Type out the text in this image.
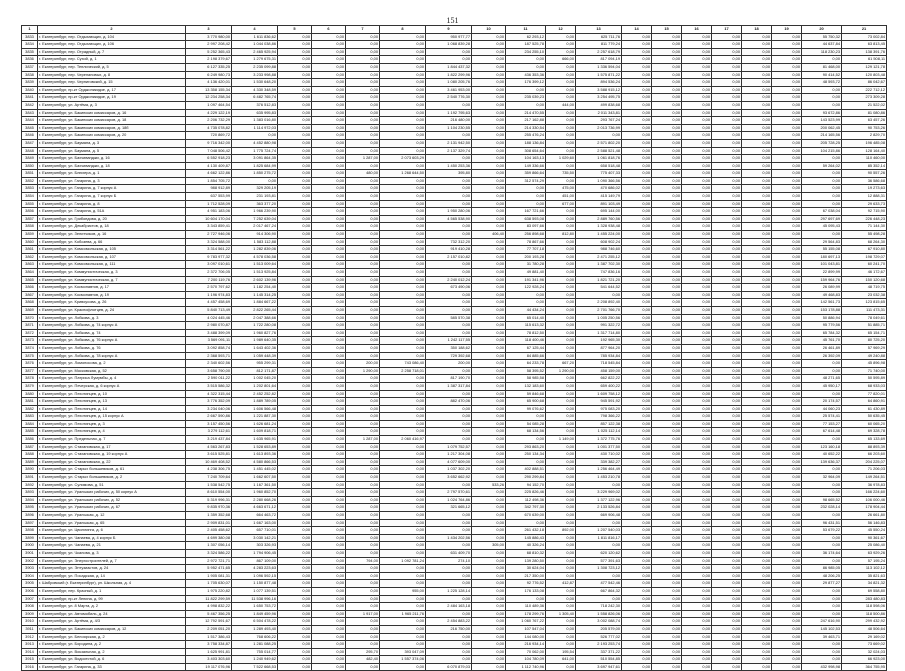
151
1	2	3	4	5	6	7	8	9	10	11	12	13	14	15	16	17	18	19	20	21
3833	г. Екатеринбург, пер. Отдыхающих, д. 104	3 770 980,00	1 611 836,62	0,00	0,00	0,00	0,00	950 977,77	0,00	62 293,12	0,00	625 711,76	0,00	0,00	0,00	0,00	0,00	0,00	55 750,32	73 002,84
3834	г. Екатеринбург, пер. Отдыхающих, д. 106	2 997 208,42	1 044 038,86	0,00	0,00	0,00	0,00	1 068 839,28	0,00	187 525,78	0,00	811 779,24	0,00	0,00	0,00	0,00	0,00	0,00	44 637,84	63 813,45
3835	г. Екатеринбург, пер. Отрадный, д. 7	5 252 365,43	2 465 925,94	0,00	0,00	0,00	0,00	0,00	0,00	234 255,10	0,00	2 257 618,79	0,00	0,00	0,00	0,00	0,00	0,00	118 230,23	138 391,76
3836	г. Екатеринбург, пер. Сухой, д. 1	2 198 379,67	1 279 675,31	0,00	0,00	0,00	0,00	0,00	0,00	0,00	666,00	817 094,19	0,00	0,00	0,00	0,00	0,00	0,00	0,00	61 508,11
3837	г. Екатеринбург, пер. Теплический, д. 5	6 127 335,25	2 235 099,88	0,00	0,00	0,00	0,00	1 844 437,32	0,00	0,00	0,00	1 336 594,04	0,00	0,00	0,00	0,00	0,00	0,00	81 468,00	129 121,78
3838	г. Екатеринбург, пер. Черепановых, д. 8	6 249 980,73	3 233 998,88	0,00	0,00	0,00	0,00	1 822 299,96	0,00	436 353,36	0,00	1 575 871,22	0,00	0,00	0,00	0,00	0,00	0,00	90 414,52	120 803,48
3839	г. Екатеринбург, пер. Черниговский, д. 15	4 136 420,01	1 530 648,20	0,00	0,00	0,00	0,00	1 080 205,76	0,00	176 399,12	0,00	894 536,24	0,00	0,00	0,00	0,00	0,00	0,00	48 593,72	86 042,67
3840	г. Екатеринбург, пр-кт Орджоникидзе, д. 17	13 358 155,34	4 330 348,59	0,00	0,00	0,00	0,00	3 461 953,00	0,00	0,00	0,00	3 588 915,12	0,00	0,00	0,00	0,00	0,00	0,00	0,00	222 712,12
3841	г. Екатеринбург, пр-кт Орджоникидзе, д. 19	12 234 258,34	6 482 765,74	0,00	0,00	0,00	0,00	2 540 776,30	0,00	235 039,23	0,00	3 254 495,75	0,00	0,00	0,00	0,00	0,00	0,00	0,00	273 309,28
3842	г. Екатеринбург, ул. Артёма, д. 3	1 097 464,54	376 512,83	0,00	0,00	0,00	0,00	0,00	0,00	0,00	444,00	499 838,68	0,00	0,00	0,00	0,00	0,00	0,00	0,00	21 522,02
3843	г. Екатеринбург, ул. Бакинских комиссаров, д. 16	4 229 122,19	635 995,83	0,00	0,00	0,00	0,00	1 192 795,63	0,00	214 470,55	0,00	2 011 343,81	0,00	0,00	0,00	0,00	0,00	0,00	93 672,86	81 080,86
3844	г. Екатеринбург, ул. Бакинских комиссаров, д. 18	2 206 732,29	1 383 016,80	0,00	0,00	0,00	0,00	216 480,00	0,00	217 162,88	0,00	293 767,24	0,00	0,00	0,00	0,00	0,00	0,00	143 523,99	63 457,26
3845	г. Екатеринбург, ул. Бакинских комиссаров, д. 18б	4 735 078,82	1 114 972,03	0,00	0,00	0,00	0,00	1 104 230,55	0,00	214 330,54	0,00	2 013 736,99	0,00	0,00	0,00	0,00	0,00	0,00	200 062,45	90 753,26
3846	г. Екатеринбург, ул. Бакинских комиссаров, д. 20	720 869,72	0,00	0,00	0,00	0,00	0,00	0,00	0,00	255 476,24	0,00	0,00	0,00	0,00	0,00	0,00	0,00	0,00	214 165,56	2 829,70
3847	г. Екатеринбург, ул. Бауманa, д. 3	9 716 342,00	4 452 880,98	0,00	0,00	0,00	0,00	2 131 942,50	0,00	188 136,84	0,00	2 571 802,20	0,00	0,00	0,00	0,00	0,00	0,00	205 728,25	196 485,08
3848	г. Екатеринбург, ул. Бауманa, д. 5	7 048 506,42	1 775 724,74	0,00	0,00	0,00	0,00	2 137 329,74	0,00	308 654,64	0,00	2 588 521,48	0,00	0,00	0,00	0,00	0,00	0,00	104 215,86	128 164,40
3849	г. Екатеринбург, ул. Бахчиванджи, д. 16	6 552 918,23	3 091 864,35	0,00	0,00	1 287,00	2 073 603,29	0,00	0,00	104 163,13	1 029,60	1 061 818,76	0,00	0,00	0,00	0,00	0,00	0,00	0,00	110 460,00
3850	г. Екатеринбург, ул. Бахчиванджи, д. 18	4 130 409,87	1 825 684,99	0,00	0,00	0,00	0,00	1 450 253,36	0,00	149 336,66	0,00	658 518,48	0,00	0,00	0,00	0,00	0,00	0,00	59 264,02	85 352,14
3851	г. Екатеринбург, ул. Блюхера, д. 1	4 662 122,86	1 850 275,72	0,00	0,00	480,00	1 268 644,50	395,80	0,00	359 866,64	735,50	775 407,33	0,00	0,00	0,00	0,00	0,00	0,00	0,00	90 557,26
3852	г. Екатеринбург, ул. Гагарина, д. 3	1 854 705,72	0,00	0,00	0,00	0,00	0,00	0,00	0,00	312 574,29	0,00	1 090 366,56	0,00	0,00	0,00	0,00	0,00	0,00	0,00	36 586,68
3853	г. Екатеринбург, ул. Гагарина, д. 7 корпус А	988 912,89	329 205,19	0,00	0,00	0,00	0,00	0,00	0,00	0,00	475,00	470 686,02	0,00	0,00	0,00	0,00	0,00	0,00	0,00	19 273,63
3854	г. Екатеринбург, ул. Гагарина, д. 7 корпус Б	637 553,99	231 193,81	0,00	0,00	0,00	0,00	0,00	0,00	0,00	451,00	415 149,79	0,00	0,00	0,00	0,00	0,00	0,00	0,00	12 888,31
3855	г. Екатеринбург, ул. Гагарина, д. 8	1 712 528,09	363 377,20	0,00	0,00	0,00	0,00	0,00	0,00	0,00	677,00	891 103,49	0,00	0,00	0,00	0,00	0,00	0,00	0,00	29 633,73
3856	г. Екатеринбург, ул. Гагарина, д. 51А	4 951 183,06	1 966 239,90	0,00	0,00	0,00	0,00	1 950 280,06	0,00	167 721,66	0,00	695 144,00	0,00	0,00	0,00	0,00	0,00	0,00	67 038,04	92 715,90
3857	г. Екатеринбург, ул. Грибоедова, д. 20	10 604 170,04	7 252 639,04	0,00	0,00	0,00	0,00	4 565 538,90	0,00	638 593,08	0,00	2 889 760,56	0,00	0,00	0,00	0,00	0,00	0,00	297 697,69	226 448,23
3858	г. Екатеринбург, ул. Декабристов, д. 18	3 343 859,41	2 017 467,24	0,00	0,00	0,00	0,00	0,00	0,00	83 097,66	0,00	1 328 938,48	0,00	0,00	0,00	0,00	0,00	0,00	45 095,43	71 144,30
3859	г. Екатеринбург, ул. Зенитчиков, д. 16	2 727 946,06	914 306,90	0,00	0,00	0,00	0,00	0,00	406,40	256 898,68	812,80	1 455 224,00	0,00	0,00	0,00	0,00	0,00	0,00	0,00	55 498,28
3860	г. Екатеринбург, ул. Кобозева, д. 66	3 324 588,00	1 583 112,88	0,00	0,00	0,00	0,00	732 312,20	0,00	78 867,66	0,00	608 902,24	0,00	0,00	0,00	0,00	0,00	0,00	29 564,83	68 264,30
3861	г. Екатеринбург, ул. Комсомольская, д. 105	3 314 561,22	1 282 839,06	0,00	0,00	0,00	0,00	919 410,28	0,00	77 707,18	0,00	988 746,60	0,00	0,00	0,00	0,00	0,00	0,00	55 155,08	67 910,80
3862	г. Екатеринбург, ул. Комсомольская, д. 107	9 783 977,32	4 578 036,58	0,00	0,00	0,00	0,00	2 157 010,82	0,00	200 193,28	0,00	2 471 255,12	0,00	0,00	0,00	0,00	0,00	0,00	180 697,13	198 729,07
3863	г. Екатеринбург, ул. Комсомольская, д. 111	3 097 010,61	1 513 009,64	0,00	0,00	0,00	0,00	0,00	0,00	31 780,28	0,00	1 387 702,30	0,00	0,00	0,00	0,00	0,00	0,00	101 043,81	60 241,70
3864	г. Екатеринбург, ул. Коммунистическая, д. 3	2 372 706,05	1 513 925,84	0,00	0,00	0,00	0,00	0,00	0,00	49 881,40	0,00	747 836,16	0,00	0,00	0,00	0,00	0,00	0,00	22 899,99	46 172,67
3865	г. Екатеринбург, ул. Коммунистическая, д. 7	7 200 119,76	2 602 139,96	0,00	0,00	0,00	0,00	2 240 012,24	0,00	191 341,96	0,00	1 821 721,20	0,00	0,00	0,00	0,00	0,00	0,00	159 964,76	150 120,68
3866	г. Екатеринбург, ул. Космонавтов, д. 17	2 570 797,62	1 182 254,40	0,00	0,00	0,00	0,00	673 490,06	0,00	122 928,24	0,00	541 644,52	0,00	0,00	0,00	0,00	0,00	0,00	26 089,99	48 719,75
3867	г. Екатеринбург, ул. Космонавтов, д. 19	1 196 974,83	1 145 314,25	0,00	0,00	0,00	0,00	0,00	0,00	0,00	0,00	0,00	0,00	0,00	0,00	0,00	0,00	0,00	49 468,83	23 032,38
3868	г. Екатеринбург, ул. Кривоусова, д. 26	4 457 458,69	1 884 667,22	0,00	0,00	0,00	0,00	0,00	0,00	0,00	0,00	2 208 892,40	0,00	0,00	0,00	0,00	0,00	0,00	142 561,73	123 815,65
3869	г. Екатеринбург, ул. Краснофлотцев, д. 24	5 840 713,49	2 822 265,44	0,00	0,00	0,00	0,00	0,00	0,00	44 434,24	0,00	2 701 766,70	0,00	0,00	0,00	0,00	0,00	0,00	153 178,88	111 473,31
3870	г. Екатеринбург, ул. Лобкова, д. 3	4 024 445,46	2 047 388,66	0,00	0,00	0,00	0,00	585 570,38	0,00	65 014,40	0,00	1 005 250,56	0,00	0,00	0,00	0,00	0,00	0,00	50 886,94	78 049,61
3871	г. Екатеринбург, ул. Лобкова, д. 74 корпус А	2 980 070,87	1 722 280,08	0,00	0,00	0,00	0,00	0,00	0,00	115 613,32	0,00	991 322,72	0,00	0,00	0,00	0,00	0,00	0,00	95 779,56	51 885,71
3872	г. Екатеринбург, ул. Лобкова, д. 74	3 488 399,09	1 960 827,76	0,00	0,00	0,00	0,00	0,00	0,00	78 812,50	0,00	1 317 714,80	0,00	0,00	0,00	0,00	0,00	0,00	65 784,32	65 154,71
3873	г. Екатеринбург, ул. Лобкова, д. 76 корпус А	3 569 091,11	1 989 640,35	0,00	0,00	0,00	0,00	1 242 117,55	0,00	118 400,46	0,00	192 965,30	0,00	0,00	0,00	0,00	0,00	0,00	45 761,70	80 725,20
3874	г. Екатеринбург, ул. Лобкова, д. 76	3 092 858,74	1 643 402,36	0,00	0,00	0,00	0,00	350 188,62	0,00	67 125,44	0,00	877 964,20	0,00	0,00	0,00	0,00	0,00	0,00	26 461,89	57 969,29
3875	г. Екатеринбург, ул. Лобкова, д. 78 корпус А	2 368 593,71	1 059 448,39	0,00	0,00	0,00	0,00	729 392,68	0,00	84 885,66	0,00	785 934,84	0,00	0,00	0,00	0,00	0,00	0,00	26 392,09	49 240,88
3876	г. Екатеринбург, ул. Ломоносова, д. 2	2 340 602,56	955 299,31	0,00	0,00	200,00	743 086,40	200,00	0,00	64 233,78	667,20	718 545,84	0,00	0,00	0,00	0,00	0,00	0,00	0,00	45 896,98
3877	г. Екатеринбург, ул. Московская, д. 52	3 658 790,00	812 171,87	0,00	0,00	1 290,00	2 258 718,01	0,00	0,00	58 395,52	1 290,00	458 159,00	0,00	0,00	0,00	0,00	0,00	0,00	0,00	71 740,00
3878	г. Екатеринбург, ул. Патриса Лумумбы, д. 4	2 590 011,22	1 002 045,20	0,00	0,00	0,00	0,00	817 190,70	0,00	58 985,58	0,00	662 822,22	0,00	0,00	0,00	0,00	0,00	0,00	48 271,65	50 595,89
3879	г. Екатеринбург, ул. Печерская, д. 6 корпус А	3 515 586,32	1 202 801,64	0,00	0,00	0,00	0,00	1 387 317,84	0,00	132 183,60	0,00	659 400,22	0,00	0,00	0,00	0,00	0,00	0,00	45 950,17	68 933,03
3880	г. Екатеринбург, ул. Пехотинцев, д. 10	4 322 315,44	2 452 252,82	0,00	0,00	0,00	0,00	0,00	0,00	59 846,68	0,00	1 609 758,12	0,00	0,00	0,00	0,00	0,00	0,00	0,00	77 820,01
3881	г. Екатеринбург, ул. Пехотинцев, д. 13	3 776 352,09	1 889 789,05	0,00	0,00	0,00	0,00	882 470,06	0,00	65 900,68	0,00	945 591,92	0,00	0,00	0,00	0,00	0,00	0,00	20 174,57	64 860,91
3882	г. Екатеринбург, ул. Пехотинцев, д. 14	3 234 040,06	1 606 566,48	0,00	0,00	0,00	0,00	0,00	0,00	99 076,62	0,00	975 083,20	0,00	0,00	0,00	0,00	0,00	0,00	44 060,23	61 430,89
3883	г. Екатеринбург, ул. Пехотинцев, д. 15 корпус А	2 667 590,86	1 221 887,30	0,00	0,00	0,00	0,00	0,00	0,00	0,00	0,00	798 366,22	0,00	0,00	0,00	0,00	0,00	0,00	25 574,41	50 635,45
3884	г. Екатеринбург, ул. Пехотинцев, д. 3	3 157 450,56	1 626 681,24	0,00	0,00	0,00	0,00	0,00	0,00	54 085,28	0,00	857 122,38	0,00	0,00	0,00	0,00	0,00	0,00	77 153,27	60 065,20
3885	г. Екатеринбург, ул. Пехотинцев, д. 4	3 279 112,61	1 609 818,71	0,00	0,00	0,00	0,00	0,00	0,00	68 134,56	0,00	1 025 112,14	0,00	0,00	0,00	0,00	0,00	0,00	67 614,48	69 328,78
3886	г. Екатеринбург, ул. Предельная, д. 7	3 219 437,84	1 635 965,91	0,00	0,00	1 287,00	2 060 416,97	0,00	0,00	0,00	1 149,00	1 372 775,76	0,00	0,00	0,00	0,00	0,00	0,00	0,00	65 133,69
3887	г. Екатеринбург, ул. Стахановская, д. 17	4 563 267,83	1 528 653,89	0,00	0,00	0,00	0,00	1 079 752,57	0,00	293 863,20	0,00	1 001 377,50	0,00	0,00	0,00	0,00	0,00	0,00	123 160,18	88 893,39
3888	г. Екатеринбург, ул. Стахановская, д. 19 корпус А	3 615 525,81	1 613 893,36	0,00	0,00	0,00	0,00	1 217 304,08	0,00	250 134,34	0,00	430 710,02	0,00	0,00	0,00	0,00	0,00	0,00	40 652,22	66 203,60
3889	г. Екатеринбург, ул. Стахановская, д. 22	10 469 408,52	4 580 866,53	0,00	0,00	0,00	0,00	4 077 609,00	0,00	0,00	0,00	339 382,27	0,00	0,00	0,00	0,00	0,00	0,00	139 636,37	204 225,07
3890	г. Екатеринбург, ул. Старых большевиков, д. 61	4 238 306,75	1 451 445,02	0,00	0,00	0,00	0,00	1 037 302,20	0,00	402 888,51	0,00	1 256 464,49	0,00	0,00	0,00	0,00	0,00	0,00	0,00	71 206,03
3891	г. Екатеринбург, ул. Старых большевиков, д. 2	7 240 709,64	1 662 607,50	0,00	0,00	0,00	0,00	3 652 662,92	0,00	290 299,84	0,00	1 453 210,78	0,00	0,00	0,00	0,00	0,00	0,00	32 964,09	149 264,51
3892	г. Екатеринбург, ул. Сулимова, д. 51	1 538 542,75	1 167 361,50	0,00	0,00	0,00	0,00	0,00	533,26	94 152,70	0,00	0,00	0,00	0,00	0,00	0,00	0,00	0,00	0,00	36 978,83
3893	г. Екатеринбург, ул. Уральских рабочих, д. 50 корпус А	8 610 554,00	1 960 852,70	0,00	0,00	0,00	0,00	2 797 570,61	0,00	225 826,46	0,00	3 229 969,02	0,00	0,00	0,00	0,00	0,00	0,00	0,00	166 224,60
3894	г. Екатеринбург, ул. Уральских рабочих, д. 52	5 319 996,31	2 280 668,26	0,00	0,00	0,00	0,00	1 024 764,86	0,00	112 498,36	0,00	1 377 122,96	0,00	0,00	0,00	0,00	0,00	0,00	98 665,52	106 000,46
3895	г. Екатеринбург, ул. Уральских рабочих, д. 67	9 835 970,36	4 663 671,12	0,00	0,00	0,00	0,00	321 665,12	0,00	342 797,30	0,00	2 133 526,84	0,00	0,00	0,00	0,00	0,00	0,00	232 028,14	178 904,44
3896	г. Екатеринбург, ул. Уральская, д. 12	1 359 352,68	664 463,72	0,00	0,00	0,00	0,00	0,00	0,00	670 639,00	0,00	669 906,48	0,00	0,00	0,00	0,00	0,00	0,00	0,00	26 661,80
3897	г. Екатеринбург, ул. Уральская, д. 65	2 909 831,01	1 667 163,00	0,00	0,00	0,00	0,00	0,00	0,00	0,00	0,00	0,00	0,00	0,00	0,00	0,00	0,00	0,00	96 431,51	56 146,83
3898	г. Екатеринбург, ул. Цвиллинга, д. 6	2 405 458,62	657 710,01	0,00	0,00	0,00	0,00	0,00	0,00	261 432,18	892,00	1 207 540,03	0,00	0,00	0,00	0,00	0,00	0,00	53 679,22	45 550,24
3899	г. Екатеринбург, ул. Чапаева, д. 4 корпус Б	4 699 380,08	3 030 142,21	0,00	0,00	0,00	0,00	1 434 202,56	0,00	145 886,43	0,00	1 811 816,17	0,00	0,00	0,00	0,00	0,00	0,00	0,00	90 361,67
3900	г. Екатеринбург, ул. Чапаева, д. 21	1 307 056,14	303 326,93	0,00	0,00	0,00	0,00	0,00	305,00	40 326,24	0,00	0,00	0,00	0,00	0,00	0,00	0,00	0,00	0,00	25 086,40
3901	г. Екатеринбург, ул. Чкалова, д. 3	3 324 586,22	1 794 906,45	0,00	0,00	0,00	0,00	631 409,70	0,00	68 810,32	0,00	620 120,62	0,00	0,00	0,00	0,00	0,00	0,00	36 174,64	63 929,26
3902	г. Екатеринбург, ул. Энергостроителей, д. 7	2 972 721,71	867 109,00	0,00	0,00	794,00	1 092 781,24	274,10	0,00	139 280,50	0,00	577 391,63	0,00	0,00	0,00	0,00	0,00	0,00	0,00	57 195,24
3903	г. Екатеринбург, ул. Энтузиастов, д. 24	5 952 471,65	4 283 223,63	0,00	0,00	0,00	0,00	0,00	0,00	30 624,04	0,00	1 308 723,12	0,00	0,00	0,00	0,00	0,00	0,00	86 985,05	113 102,12
3904	г. Екатеринбург, ул. Посадская, д. 14	1 905 081,31	1 096 592,15	0,00	0,00	0,00	0,00	0,00	0,00	217 350,00	0,00	0,00	0,00	0,00	0,00	0,00	0,00	0,00	48 206,25	35 821,63
3905	г. Шабровский (г. Екатеринбург), ул. Школьная, д. 4	1 705 630,07	1 150 877,48	0,00	0,00	0,00	0,00	0,00	0,00	92 776,52	412,87	477 542,46	0,00	0,00	0,00	0,00	0,00	0,00	29 877,27	34 821,32
3906	г. Екатеринбург, пер. Красный, д. 1	1 975 220,82	1 077 139,51	0,00	0,00	0,00	955,00	1 225 128,14	0,00	176 133,08	0,00	667 864,32	0,00	0,00	0,00	0,00	0,00	0,00	0,00	69 558,80
3907	г. Екатеринбург, пр-кт Ленина, д. 99	11 822 299,59	11 538 996,16	0,00	0,00	0,00	0,00	0,00	0,00	0,00	0,00	0,00	0,00	0,00	0,00	0,00	0,00	0,00	0,00	283 480,83
3908	г. Екатеринбург, ул. 8 Марта, д. 2	4 998 832,22	1 650 753,72	0,00	0,00	0,00	0,00	2 484 163,18	0,00	110 489,36	0,00	718 242,30	0,00	0,00	0,00	0,00	0,00	0,00	0,00	118 598,06
3909	г. Екатеринбург, ул. Автомобиль, д. 24	5 467 356,25	1 849 459,96	0,00	0,00	1 917,00	1 965 211,76	0,00	0,00	178 299,76	1 305,40	1 558 826,06	0,00	0,00	0,00	0,00	0,00	0,00	0,00	118 500,86
3910	г. Екатеринбург, ул. Артёма, д. 4/3	12 792 591,67	6 504 478,22	0,00	0,00	0,00	0,00	2 454 883,22	0,00	1 060 767,22	0,00	3 002 088,74	0,00	0,00	0,00	0,00	0,00	0,00	247 616,90	299 432,92
3911	г. Екатеринбург, ул. Бакинских комиссаров, д. 12	2 209 051,20	1 289 493,40	0,00	0,00	0,00	0,00	216 750,00	0,00	107 547,04	0,00	205 579,00	0,00	0,00	0,00	0,00	0,00	0,00	145 102,53	48 506,64
3912	г. Екатеринбург, ул. Белоярская, д. 2	1 517 386,43	768 606,22	0,00	0,00	0,00	0,00	0,00	0,00	144 080,00	0,00	526 777,02	0,00	0,00	0,00	0,00	0,00	0,00	39 463,71	29 169,02
3913	г. Екатеринбург, ул. Бородина, д. 2	3 758 334,87	1 281 088,25	0,00	0,00	0,00	0,00	0,00	0,00	216 934,14	0,00	2 193 253,74	0,00	0,00	0,00	0,00	0,00	0,00	0,00	73 669,02
3914	г. Екатеринбург, ул. Вокзальная, д. 2	1 625 991,81	755 014,77	0,00	0,00	295,70	393 047,09	0,00	0,00	70 062,00	195,54	337 371,22	0,00	0,00	0,00	0,00	0,00	0,00	0,00	32 024,03
3915	г. Екатеринбург, ул. Водоотстой, д. 6	3 403 303,60	1 240 949,62	0,00	0,00	482,40	1 557 374,06	0,00	0,00	104 780,09	641,00	510 554,85	0,00	0,00	0,00	0,00	0,00	0,00	0,00	66 923,00
3916	г. Екатеринбург, ул. Гагарина, д. 33	19 117 076,96	7 522 668,53	0,00	0,00	0,00	0,00	6 070 879,03	0,00	1 112 740,96	0,00	3 697 947,61	0,00	0,00	0,00	0,00	0,00	0,00	432 998,98	364 755,95
